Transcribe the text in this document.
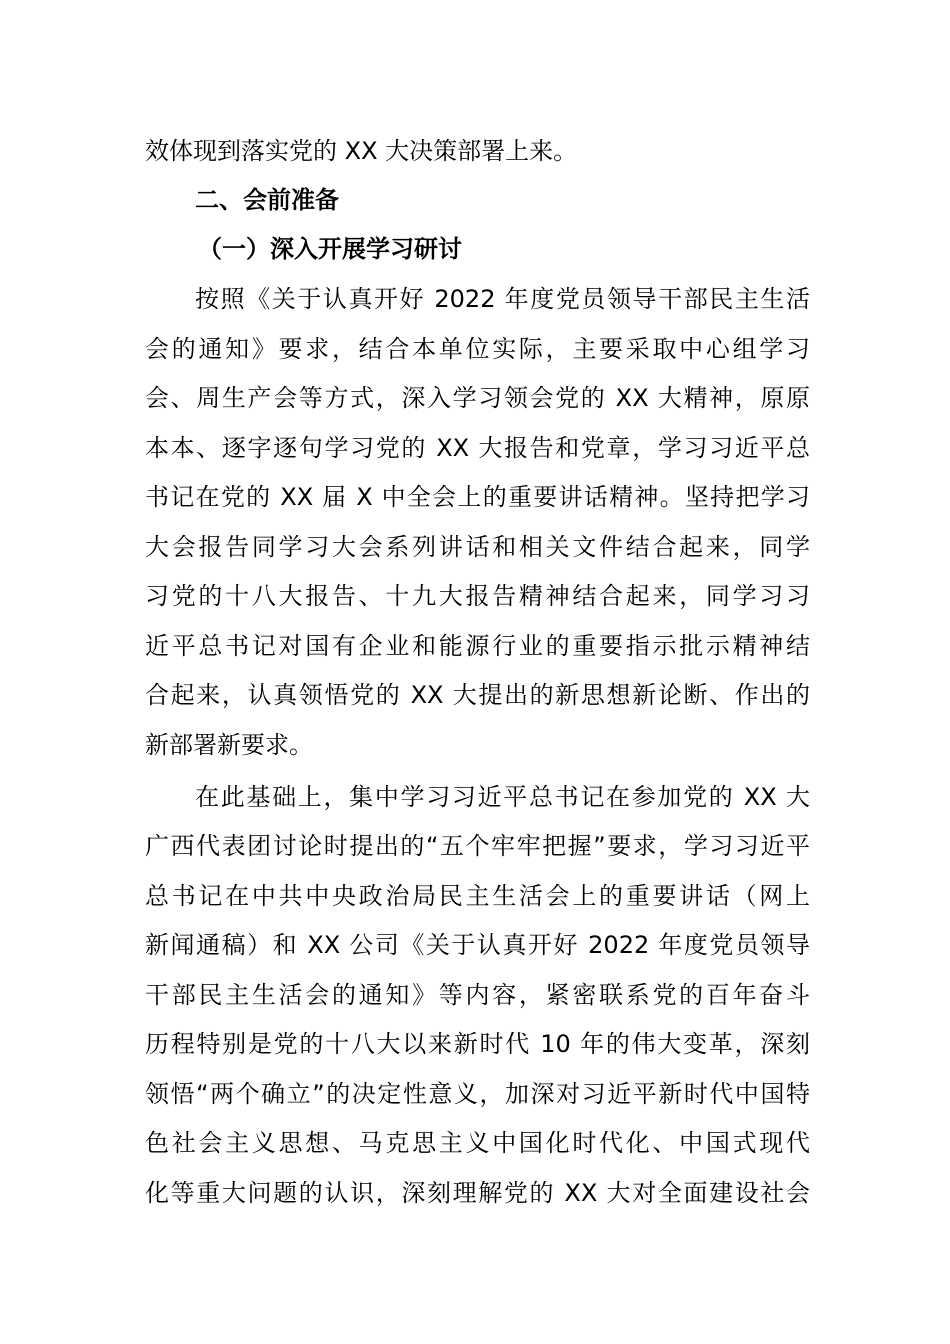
效体现到落实党的 XX 大决策部署上来。
二、会前准备
（一）深入开展学习研讨
按照《关于认真开好 2022 年度党员领导干部民主生活
会的通知》要求，结合本单位实际，主要采取中心组学习
会、周生产会等方式，深入学习领会党的 XX 大精神，原原
本本、逐字逐句学习党的 XX 大报告和党章，学习习近平总
书记在党的 XX 届 X 中全会上的重要讲话精神。坚持把学习
大会报告同学习大会系列讲话和相关文件结合起来，同学
习党的十八大报告、十九大报告精神结合起来，同学习习
近平总书记对国有企业和能源行业的重要指示批示精神结
合起来，认真领悟党的 XX 大提出的新思想新论断、作出的
新部署新要求。
在此基础上，集中学习习近平总书记在参加党的 XX 大
广西代表团讨论时提出的“五个牢牢把握”要求，学习习近平
总书记在中共中央政治局民主生活会上的重要讲话（网上
新闻通稿）和 XX 公司《关于认真开好 2022 年度党员领导
干部民主生活会的通知》等内容，紧密联系党的百年奋斗
历程特别是党的十八大以来新时代 10 年的伟大变革，深刻
领悟“两个确立”的决定性意义，加深对习近平新时代中国特
色社会主义思想、马克思主义中国化时代化、中国式现代
化等重大问题的认识，深刻理解党的 XX 大对全面建设社会
